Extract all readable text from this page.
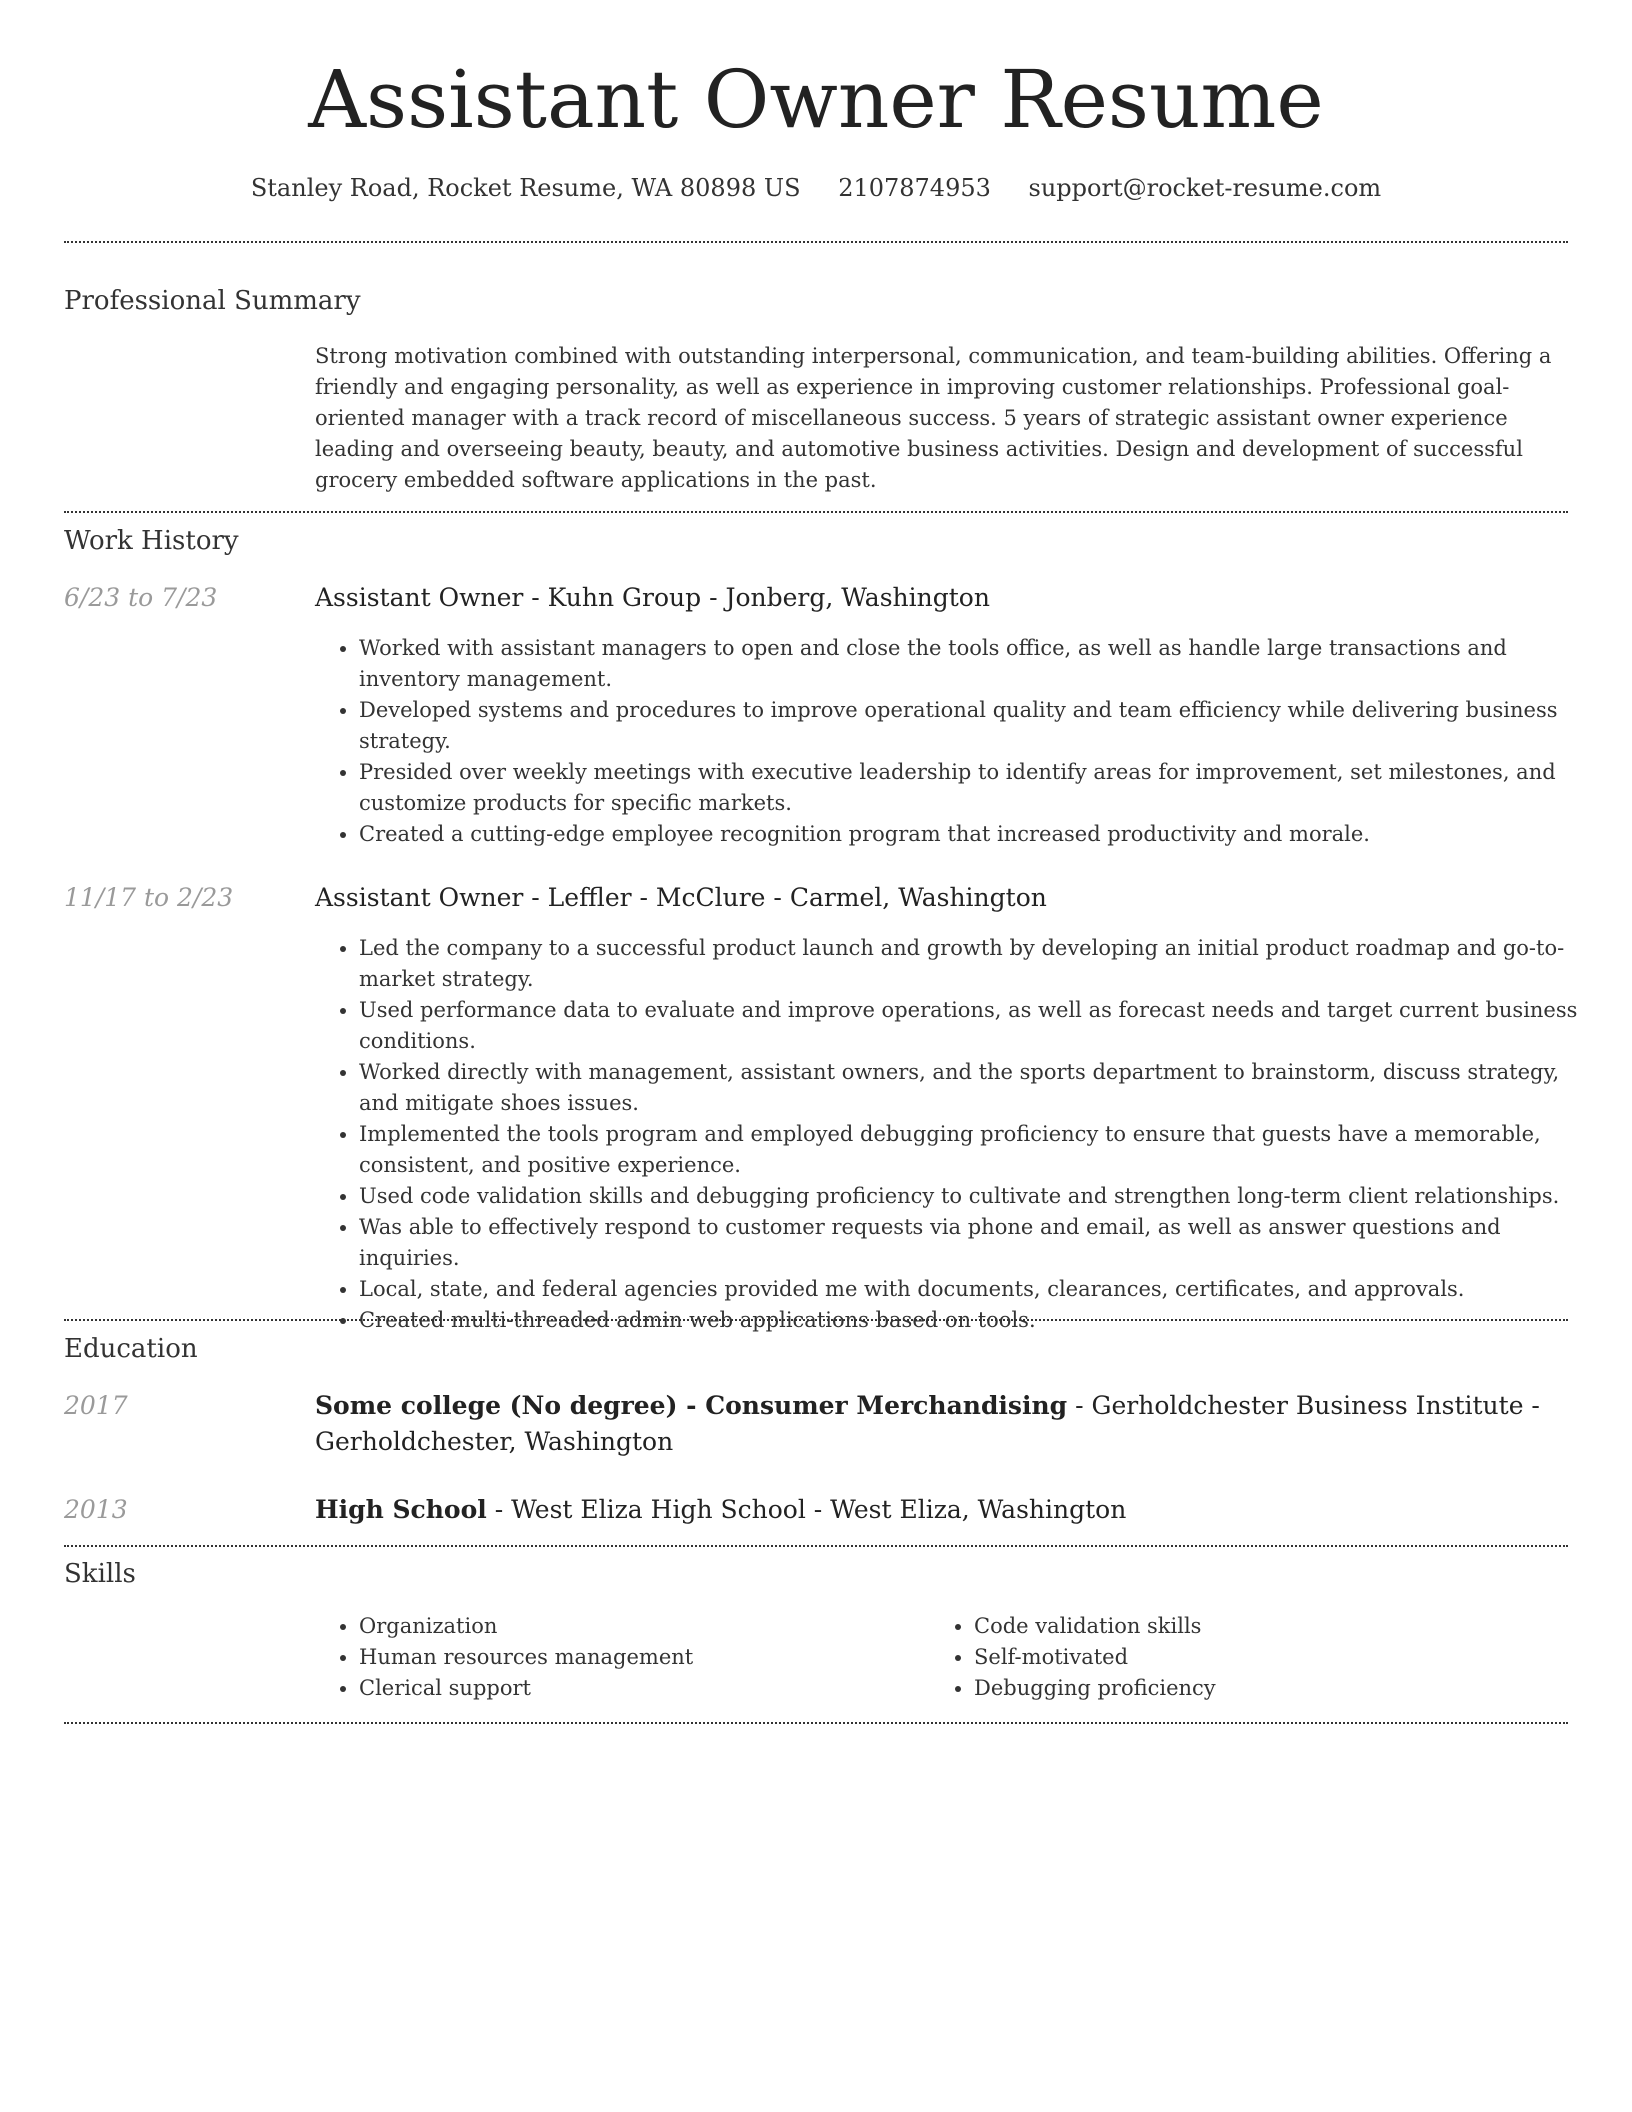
Assistant Owner Resume
Stanley Road, Rocket Resume, WA 80898 US 2107874953 support@rocket-resume.com
Professional Summary

Strong motivation combined with outstanding interpersonal, communication, and team-building abilities. Offering a friendly and engaging personality, as well as experience in improving customer relationships. Professional goal-oriented manager with a track record of miscellaneous success. 5 years of strategic assistant owner experience leading and overseeing beauty, beauty, and automotive business activities. Design and development of successful grocery embedded software applications in the past.

Work History
6/23 to 7/23	Assistant Owner - Kuhn Group - Jonberg, Washington
• Worked with assistant managers to open and close the tools office, as well as handle large transactions and inventory management.
• Developed systems and procedures to improve operational quality and team efficiency while delivering business strategy.
• Presided over weekly meetings with executive leadership to identify areas for improvement, set milestones, and customize products for specific markets.
• Created a cutting-edge employee recognition program that increased productivity and morale.
11/17 to 2/23	Assistant Owner - Leffler - McClure - Carmel, Washington
• Led the company to a successful product launch and growth by developing an initial product roadmap and go-to-market strategy.
• Used performance data to evaluate and improve operations, as well as forecast needs and target current business conditions.
• Worked directly with management, assistant owners, and the sports department to brainstorm, discuss strategy, and mitigate shoes issues.
• Implemented the tools program and employed debugging proficiency to ensure that guests have a memorable, consistent, and positive experience.
• Used code validation skills and debugging proficiency to cultivate and strengthen long-term client relationships.
• Was able to effectively respond to customer requests via phone and email, as well as answer questions and inquiries.
• Local, state, and federal agencies provided me with documents, clearances, certificates, and approvals.
• Created multi-threaded admin web applications based on tools.
Education
2017	Some college (No degree) - Consumer Merchandising - Gerholdchester Business Institute - Gerholdchester, Washington
2013	High School - West Eliza High School - West Eliza, Washington
Skills
• Organization
• Human resources management
• Clerical support
• Code validation skills
• Self-motivated
• Debugging proficiency
